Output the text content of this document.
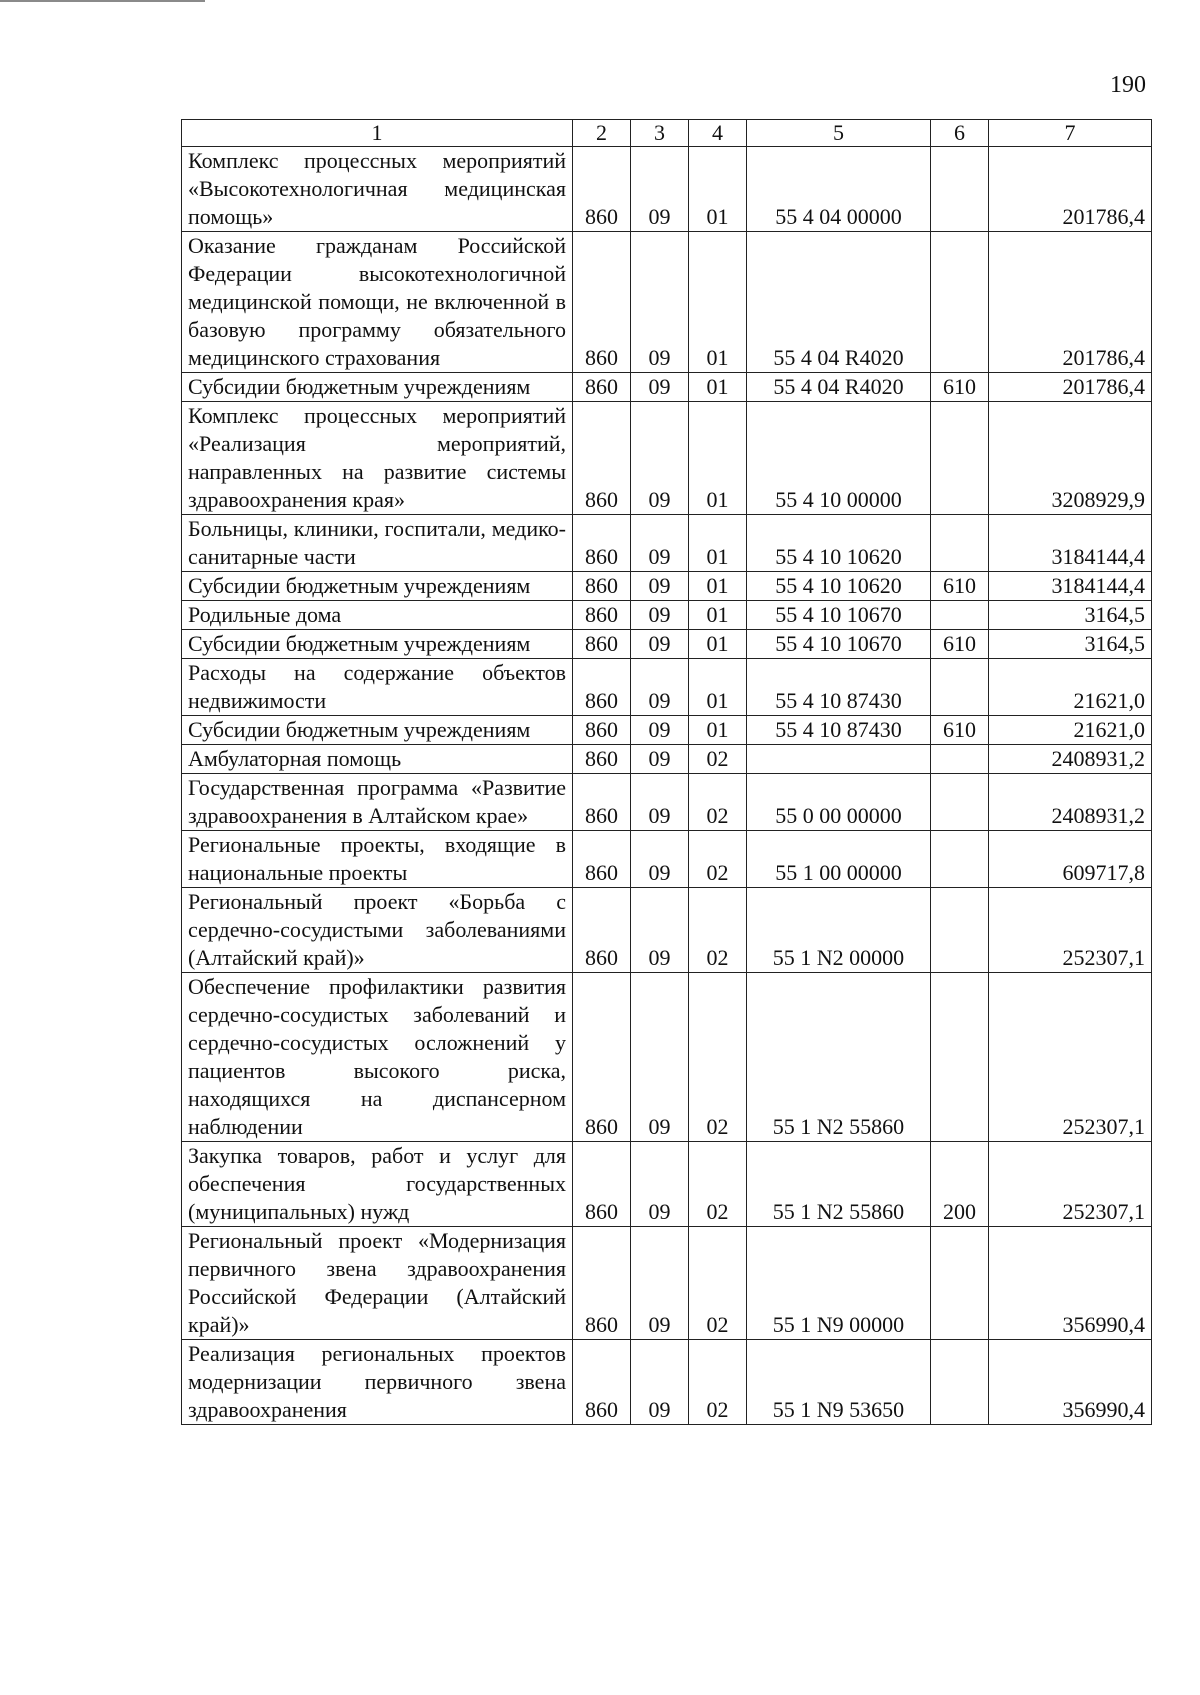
190
1	2	3	4	5	6	7
Комплекс процессных мероприятий «Высокотехнологичная медицинская помощь»	860	09	01	55 4 04 00000		201786,4
Оказание гражданам Российской Федерации высокотехнологичной медицинской помощи, не включенной в базовую программу обязательного медицинского страхования	860	09	01	55 4 04 R4020		201786,4
Субсидии бюджетным учреждениям	860	09	01	55 4 04 R4020	610	201786,4
Комплекс процессных мероприятий «Реализация мероприятий, направленных на развитие системы здравоохранения края»	860	09	01	55 4 10 00000		3208929,9
Больницы, клиники, госпитали, медико-санитарные части	860	09	01	55 4 10 10620		3184144,4
Субсидии бюджетным учреждениям	860	09	01	55 4 10 10620	610	3184144,4
Родильные дома	860	09	01	55 4 10 10670		3164,5
Субсидии бюджетным учреждениям	860	09	01	55 4 10 10670	610	3164,5
Расходы на содержание объектов недвижимости	860	09	01	55 4 10 87430		21621,0
Субсидии бюджетным учреждениям	860	09	01	55 4 10 87430	610	21621,0
Амбулаторная помощь	860	09	02			2408931,2
Государственная программа «Развитие здравоохранения в Алтайском крае»	860	09	02	55 0 00 00000		2408931,2
Региональные проекты, входящие в национальные проекты	860	09	02	55 1 00 00000		609717,8
Региональный проект «Борьба с сердечно-сосудистыми заболеваниями (Алтайский край)»	860	09	02	55 1 N2 00000		252307,1
Обеспечение профилактики развития сердечно-сосудистых заболеваний и сердечно-сосудистых осложнений у пациентов высокого риска, находящихся на диспансерном наблюдении	860	09	02	55 1 N2 55860		252307,1
Закупка товаров, работ и услуг для обеспечения государственных (муниципальных) нужд	860	09	02	55 1 N2 55860	200	252307,1
Региональный проект «Модернизация первичного звена здравоохранения Российской Федерации (Алтайский край)»	860	09	02	55 1 N9 00000		356990,4
Реализация региональных проектов модернизации первичного звена здравоохранения	860	09	02	55 1 N9 53650		356990,4
